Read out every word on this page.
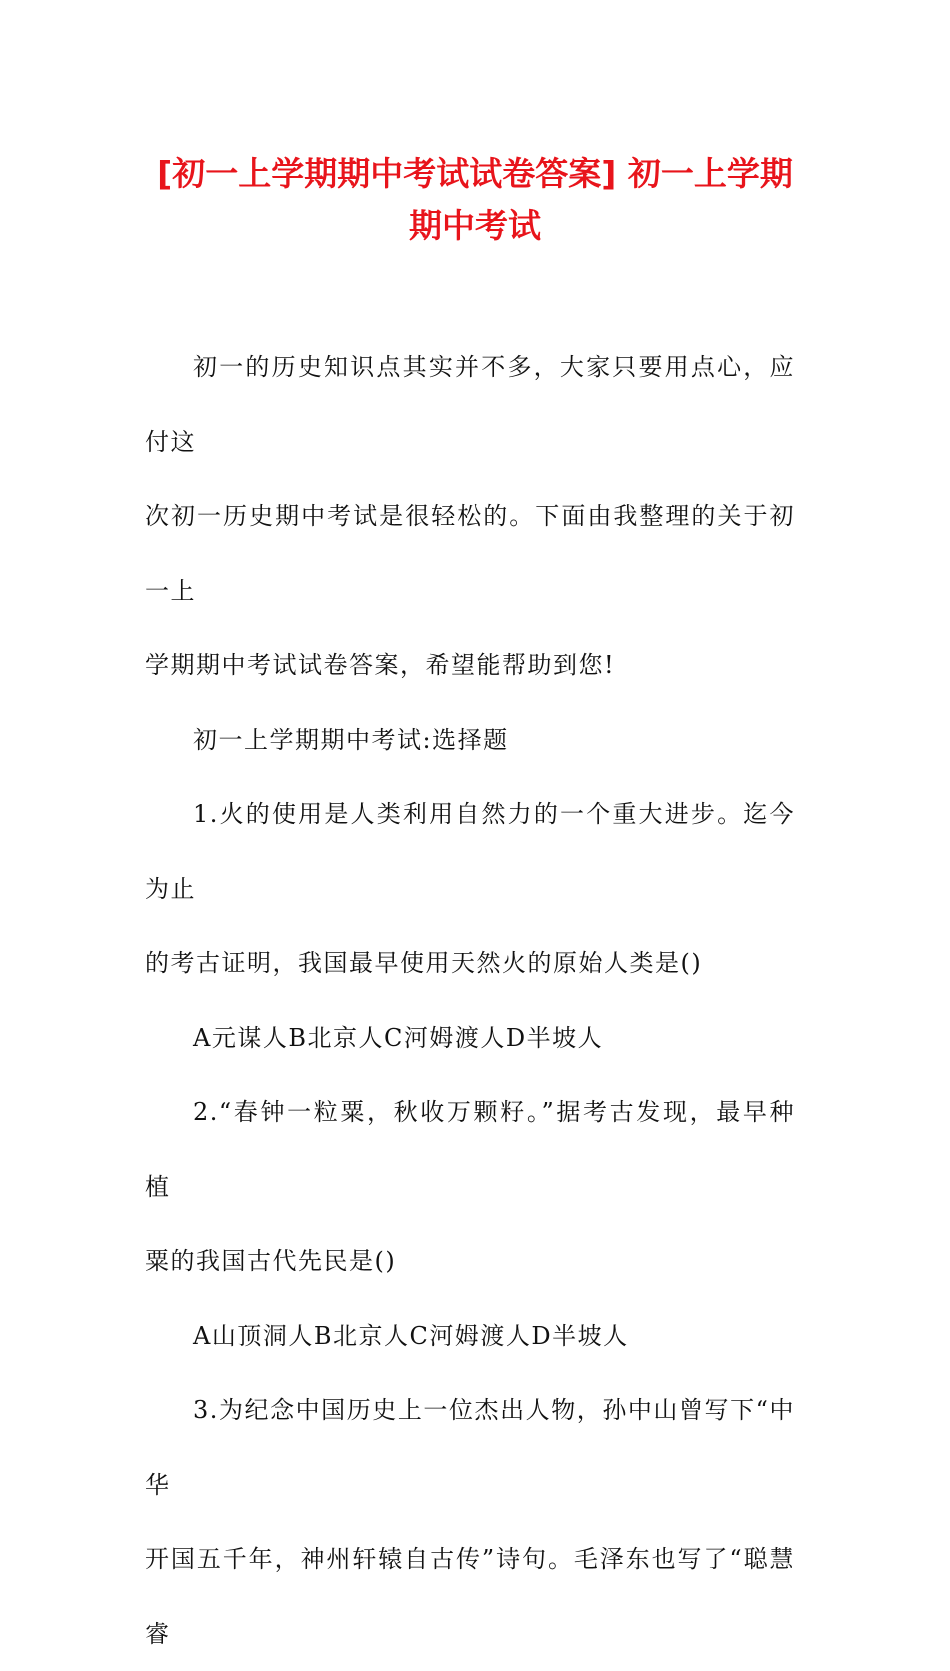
[初一上学期期中考试试卷答案] 初一上学期
期中考试

初一的历史知识点其实并不多，大家只要用点心，应付这

次初一历史期中考试是很轻松的。下面由我整理的关于初一上

学期期中考试试卷答案，希望能帮助到您!

初一上学期期中考试:选择题

1.火的使用是人类利用自然力的一个重大进步。迄今为止

的考古证明，我国最早使用天然火的原始人类是()

A元谋人B北京人C河姆渡人D半坡人

2.“春钟一粒粟，秋收万颗籽。”据考古发现，最早种植

粟的我国古代先民是()

A山顶洞人B北京人C河姆渡人D半坡人

3.为纪念中国历史上一位杰出人物，孙中山曾写下“中华

开国五千年，神州轩辕自古传”诗句。毛泽东也写了“聪慧睿
